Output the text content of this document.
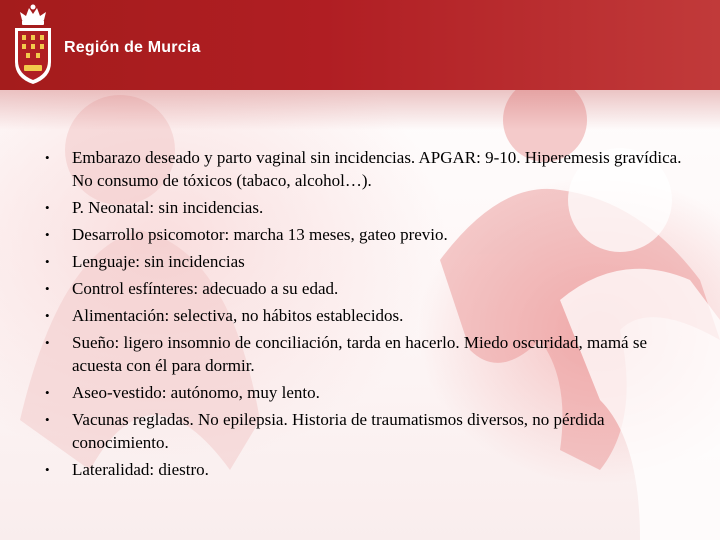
Región de Murcia
• Embarazo deseado y parto vaginal sin incidencias. APGAR: 9-10. Hiperemesis gravídica. No consumo de tóxicos (tabaco, alcohol…).
• P. Neonatal: sin incidencias.
• Desarrollo psicomotor: marcha 13 meses, gateo previo.
• Lenguaje: sin incidencias
• Control esfínteres: adecuado a su edad.
• Alimentación: selectiva, no hábitos establecidos.
• Sueño: ligero insomnio de conciliación, tarda en hacerlo. Miedo oscuridad, mamá se acuesta con él para dormir.
• Aseo-vestido: autónomo, muy lento.
• Vacunas regladas. No epilepsia. Historia de traumatismos diversos, no pérdida conocimiento.
• Lateralidad: diestro.
